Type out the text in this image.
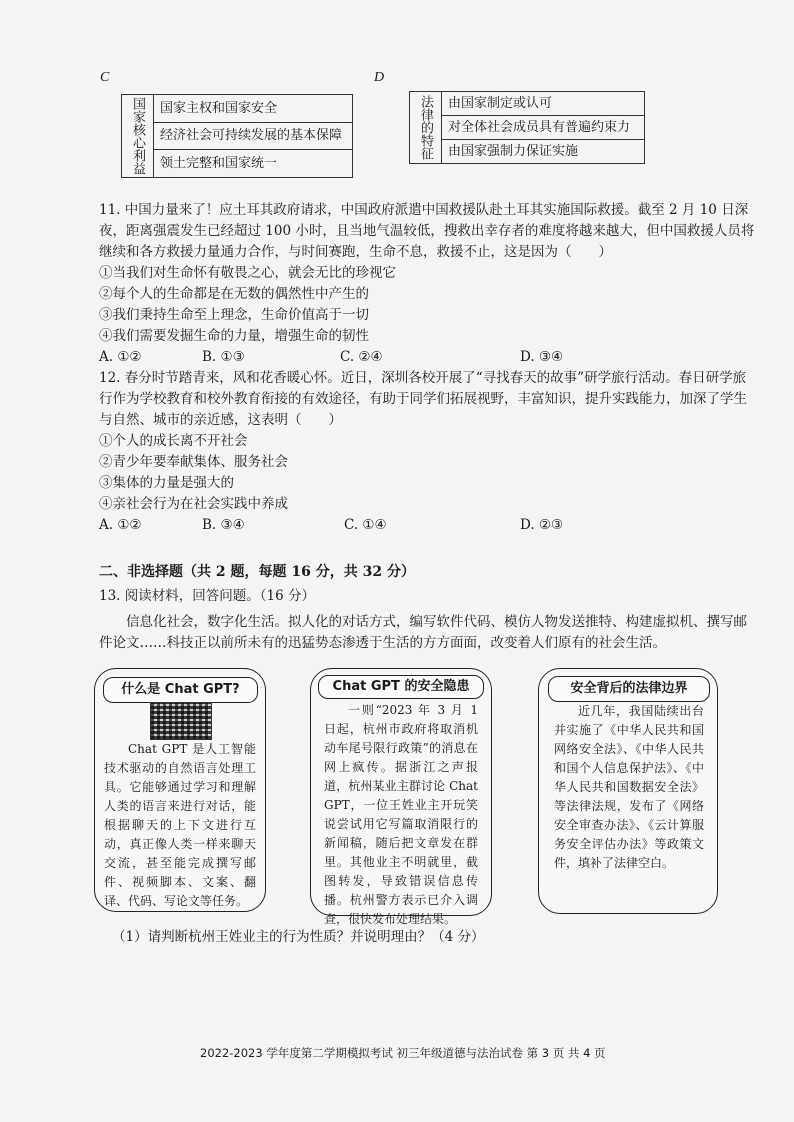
C
国家核心利益	国家主权和国家安全
经济社会可持续发展的基本保障
领土完整和国家统一
D
法律的特征	由国家制定或认可
对全体社会成员具有普遍约束力
由国家强制力保证实施
11. 中国力量来了！应土耳其政府请求，中国政府派遣中国救援队赴土耳其实施国际救援。截至 2 月 10 日深夜，距离强震发生已经超过 100 小时，且当地气温较低，搜救出幸存者的难度将越来越大，但中国救援人员将继续和各方救援力量通力合作，与时间赛跑，生命不息，救援不止，这是因为（　　）
①当我们对生命怀有敬畏之心，就会无比的珍视它
②每个人的生命都是在无数的偶然性中产生的
③我们秉持生命至上理念，生命价值高于一切
④我们需要发掘生命的力量，增强生命的韧性
A. ①②	B. ①③	C. ②④	D. ③④
12. 春分时节踏青来，风和花香暖心怀。近日，深圳各校开展了“寻找春天的故事”研学旅行活动。春日研学旅行作为学校教育和校外教育衔接的有效途径，有助于同学们拓展视野，丰富知识，提升实践能力，加深了学生与自然、城市的亲近感，这表明（　　）
①个人的成长离不开社会
②青少年要奉献集体、服务社会
③集体的力量是强大的
④亲社会行为在社会实践中养成
A. ①②	B. ③④	C. ①④	D. ②③
二、非选择题（共 2 题，每题 16 分，共 32 分）
13. 阅读材料，回答问题。（16 分）
信息化社会，数字化生活。拟人化的对话方式，编写软件代码、模仿人物发送推特、构建虚拟机、撰写邮件论文……科技正以前所未有的迅猛势态渗透于生活的方方面面，改变着人们原有的社会生活。
什么是 Chat GPT?
Chat GPT 是人工智能技术驱动的自然语言处理工具。它能够通过学习和理解人类的语言来进行对话，能根据聊天的上下文进行互动，真正像人类一样来聊天交流，甚至能完成撰写邮件、视频脚本、文案、翻译、代码、写论文等任务。
Chat GPT 的安全隐患
一则“2023 年 3 月 1 日起，杭州市政府将取消机动车尾号限行政策”的消息在网上疯传。据浙江之声报道，杭州某业主群讨论 Chat GPT，一位王姓业主开玩笑说尝试用它写篇取消限行的新闻稿，随后把文章发在群里。其他业主不明就里，截图转发，导致错误信息传播。杭州警方表示已介入调查，很快发布处理结果。
安全背后的法律边界
近几年，我国陆续出台并实施了《中华人民共和国网络安全法》、《中华人民共和国个人信息保护法》、《中华人民共和国数据安全法》等法律法规，发布了《网络安全审查办法》、《云计算服务安全评估办法》等政策文件，填补了法律空白。
（1）请判断杭州王姓业主的行为性质？并说明理由？（4 分）
2022-2023 学年度第二学期模拟考试 初三年级道德与法治试卷 第 3 页 共 4 页
